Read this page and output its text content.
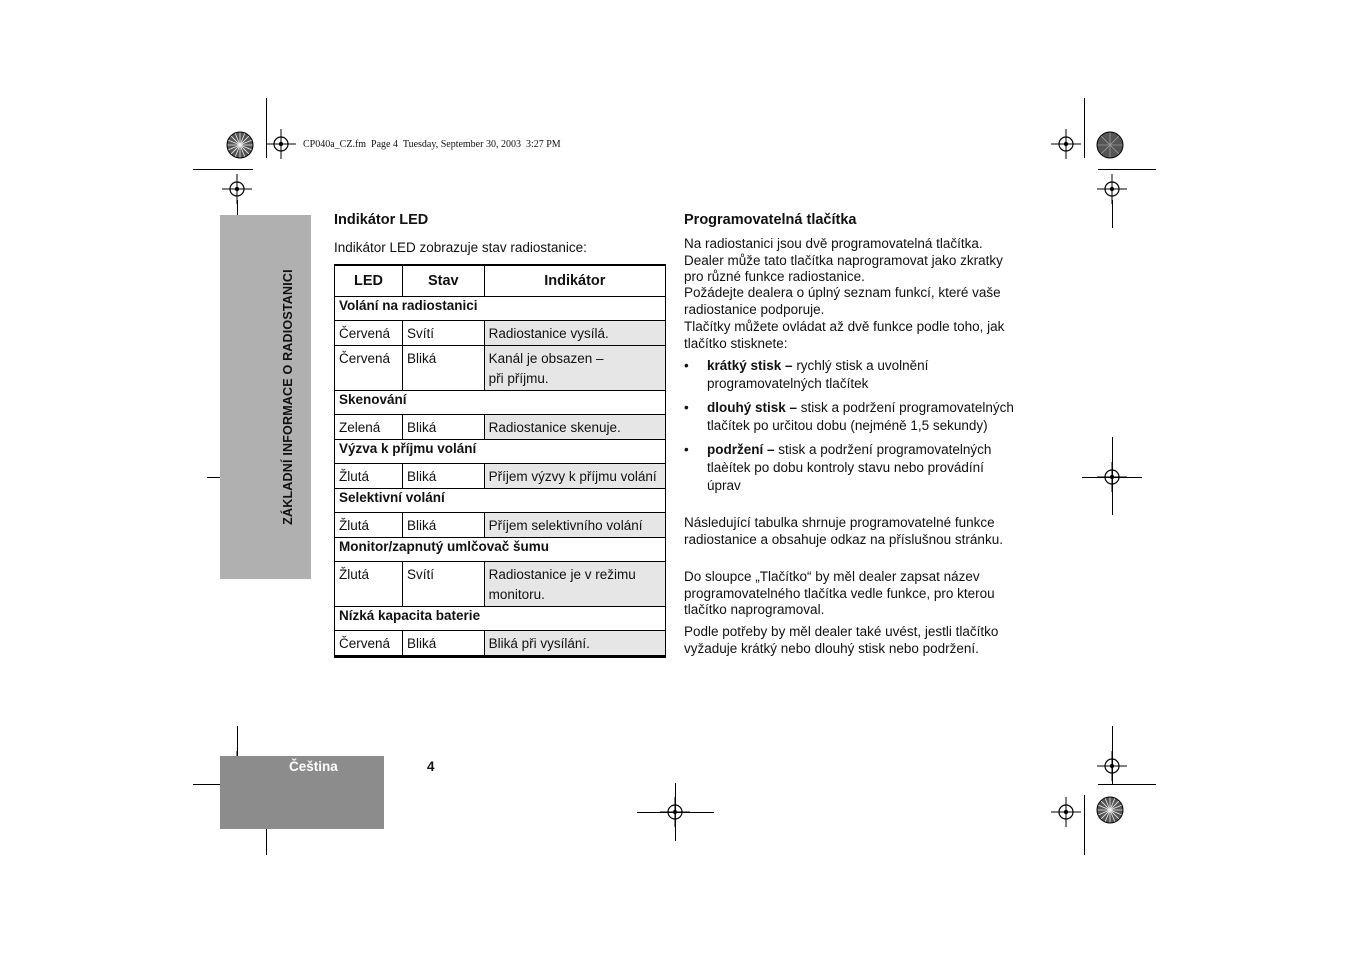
CP040a_CZ.fm  Page 4  Tuesday, September 30, 2003  3:27 PM
ZÁKLADNÍ INFORMACE O RADIOSTANICI
Indikátor LED
Indikátor LED zobrazuje stav radiostanice:
LED	Stav	Indikátor
Volání na radiostanici		
Červená	Svítí	Radiostanice vysílá.
Červená	Bliká	Kanál je obsazen –
při příjmu.
Skenování		
Zelená	Bliká	Radiostanice skenuje.
Výzva k příjmu volání		
Žlutá	Bliká	Příjem výzvy k příjmu volání
Selektivní volání		
Žlutá	Bliká	Příjem selektivního volání
Monitor/zapnutý umlčovač šumu		
Žlutá	Svítí	Radiostanice je v režimu monitoru.
Nízká kapacita baterie		
Červená	Bliká	Bliká při vysílání.
Programovatelná tlačítka
Na radiostanici jsou dvě programovatelná tlačítka. Dealer může tato tlačítka naprogramovat jako zkratky pro různé funkce radiostanice.
Požádejte dealera o úplný seznam funkcí, které vaše radiostanice podporuje.
Tlačítky můžete ovládat až dvě funkce podle toho, jak tlačítko stisknete:
• krátký stisk – rychlý stisk a uvolnění programovatelných tlačítek
• dlouhý stisk – stisk a podržení programovatelných tlačítek po určitou dobu (nejméně 1,5 sekundy)
• podržení – stisk a podržení programovatelných tlaèítek po dobu kontroly stavu nebo provádíní úprav
Následující tabulka shrnuje programovatelné funkce radiostanice a obsahuje odkaz na příslušnou stránku.
Do sloupce „Tlačítko“ by měl dealer zapsat název programovatelného tlačítka vedle funkce, pro kterou tlačítko naprogramoval.
Podle potřeby by měl dealer také uvést, jestli tlačítko vyžaduje krátký nebo dlouhý stisk nebo podržení.
Čeština	4
